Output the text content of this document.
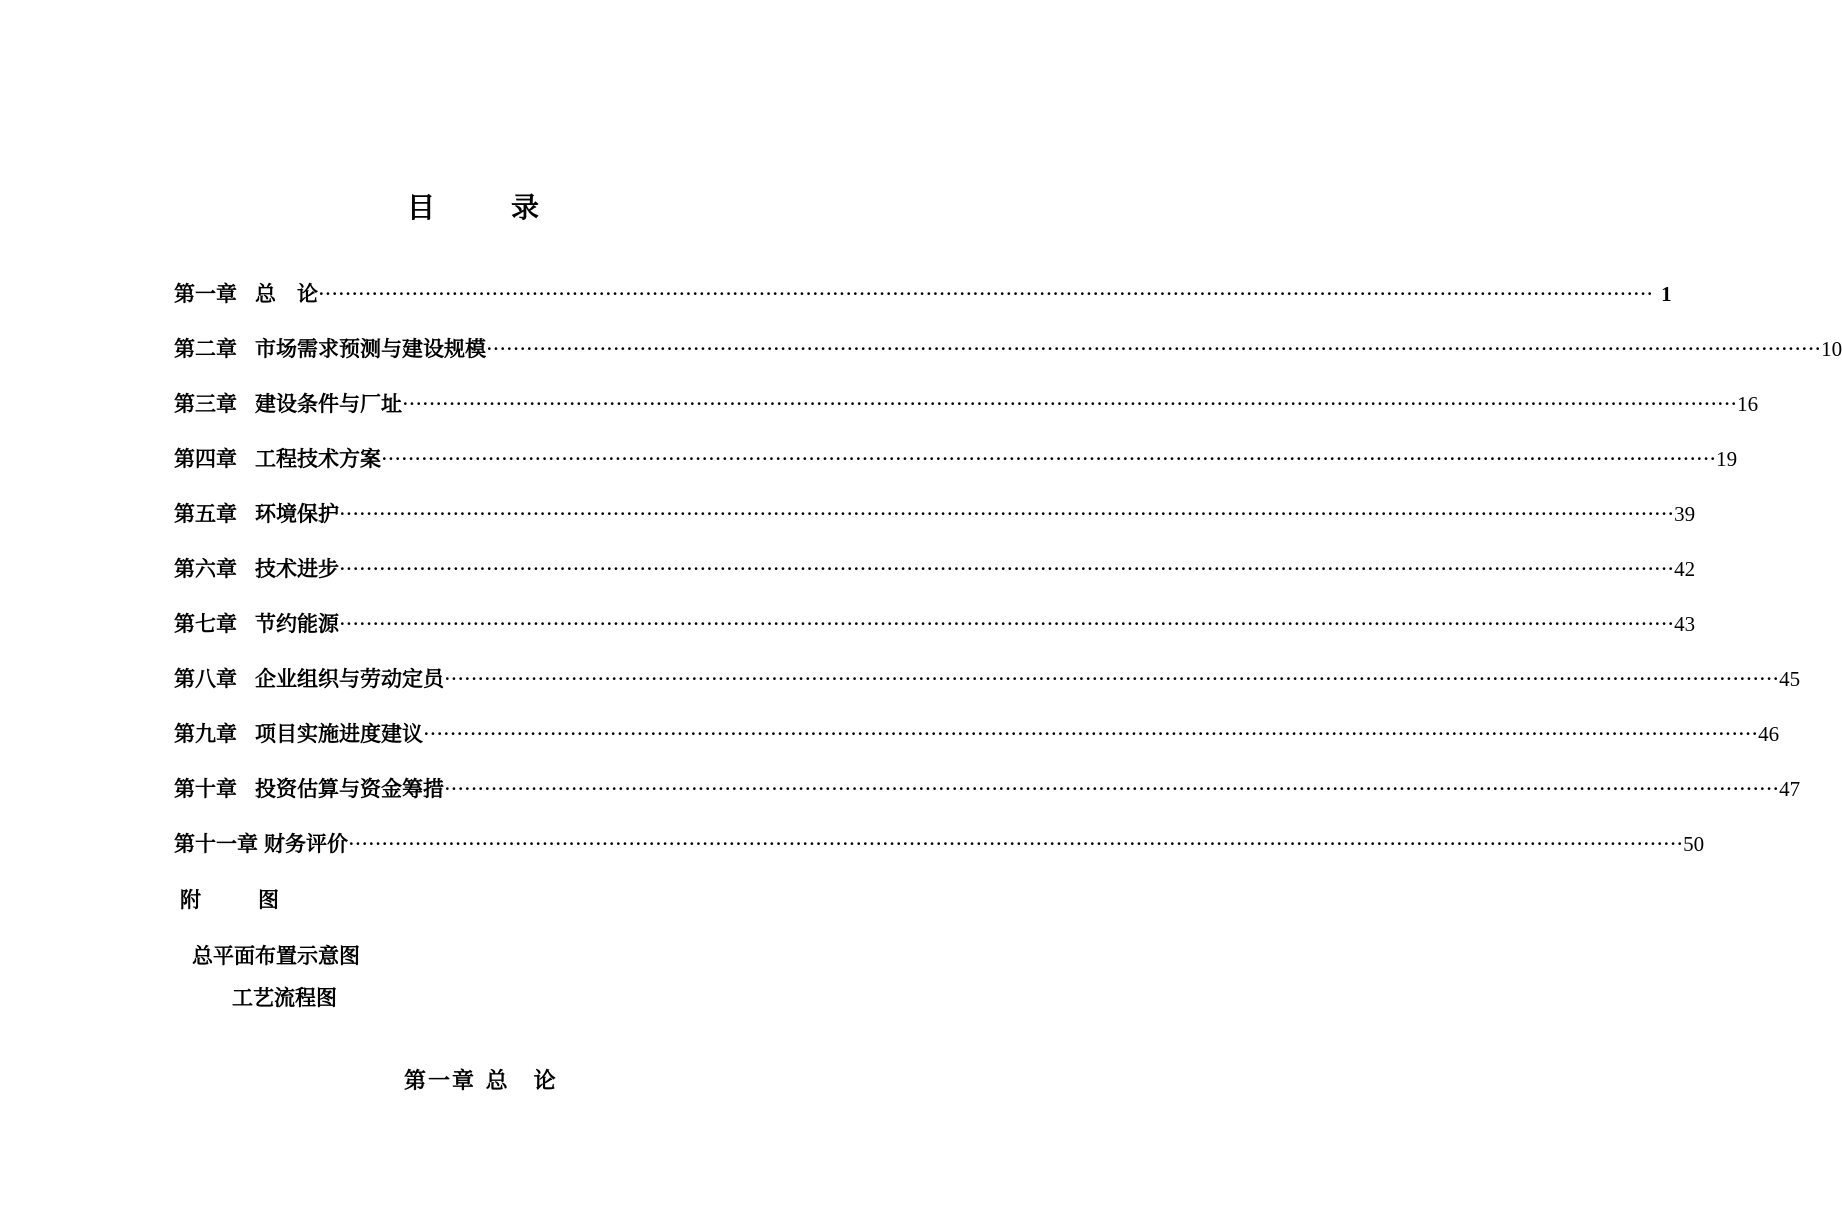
目　录
第一章 总　论 ········································································································································································································ 1
第二章 市场需求预测与建设规模 ········································································································································································································ 10
第三章 建设条件与厂址 ········································································································································································································ 16
第四章 工程技术方案 ········································································································································································································ 19
第五章 环境保护 ········································································································································································································ 39
第六章 技术进步 ········································································································································································································ 42
第七章 节约能源 ········································································································································································································ 43
第八章 企业组织与劳动定员 ········································································································································································································ 45
第九章 项目实施进度建议 ········································································································································································································ 46
第十章 投资估算与资金筹措 ········································································································································································································ 47
第十一章 财务评价 ········································································································································································································ 50
附　图
总平面布置示意图
工艺流程图
第一章 总　论
